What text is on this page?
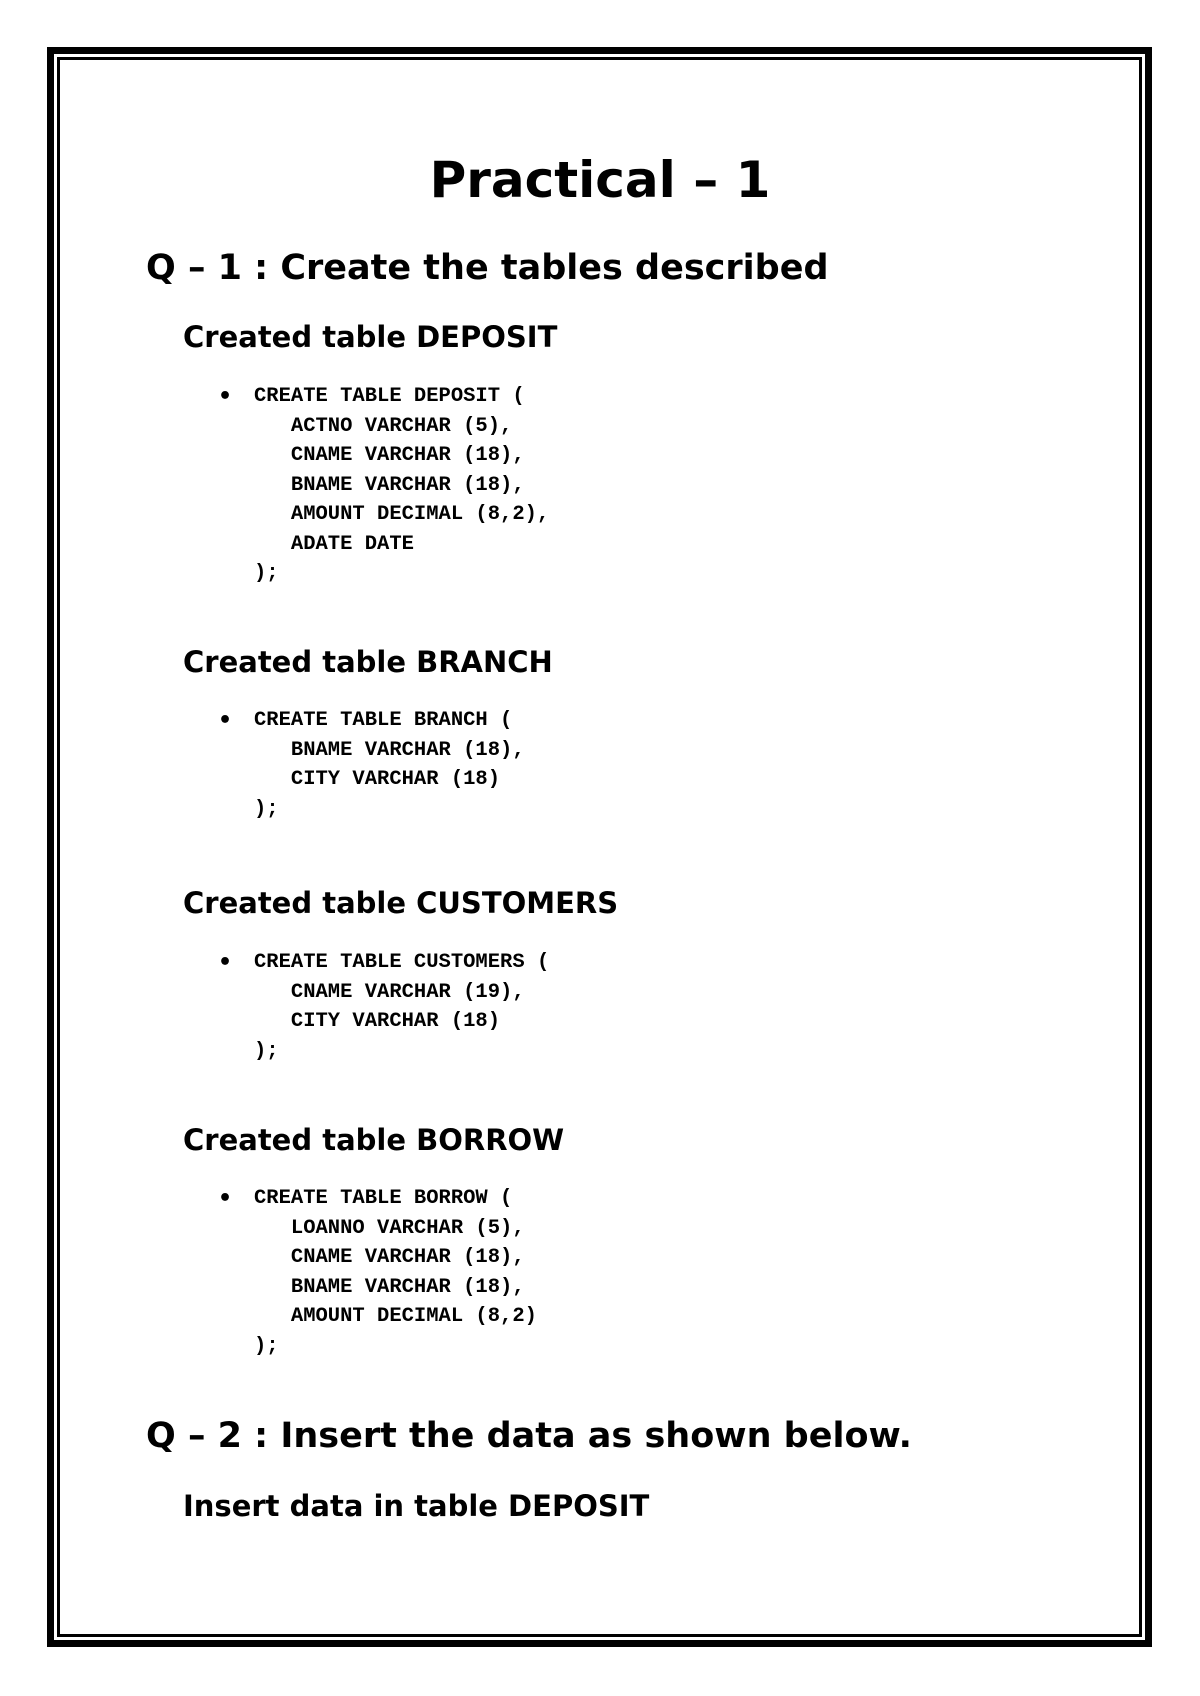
Practical – 1
Q – 1 : Create the tables described
Created table DEPOSIT
• CREATE TABLE DEPOSIT (
ACTNO VARCHAR (5),
CNAME VARCHAR (18),
BNAME VARCHAR (18),
AMOUNT DECIMAL (8,2),
ADATE DATE
);
Created table BRANCH
• CREATE TABLE BRANCH (
BNAME VARCHAR (18),
CITY VARCHAR (18)
);
Created table CUSTOMERS
• CREATE TABLE CUSTOMERS (
CNAME VARCHAR (19),
CITY VARCHAR (18)
);
Created table BORROW
• CREATE TABLE BORROW (
LOANNO VARCHAR (5),
CNAME VARCHAR (18),
BNAME VARCHAR (18),
AMOUNT DECIMAL (8,2)
);
Q – 2 : Insert the data as shown below.
Insert data in table DEPOSIT
